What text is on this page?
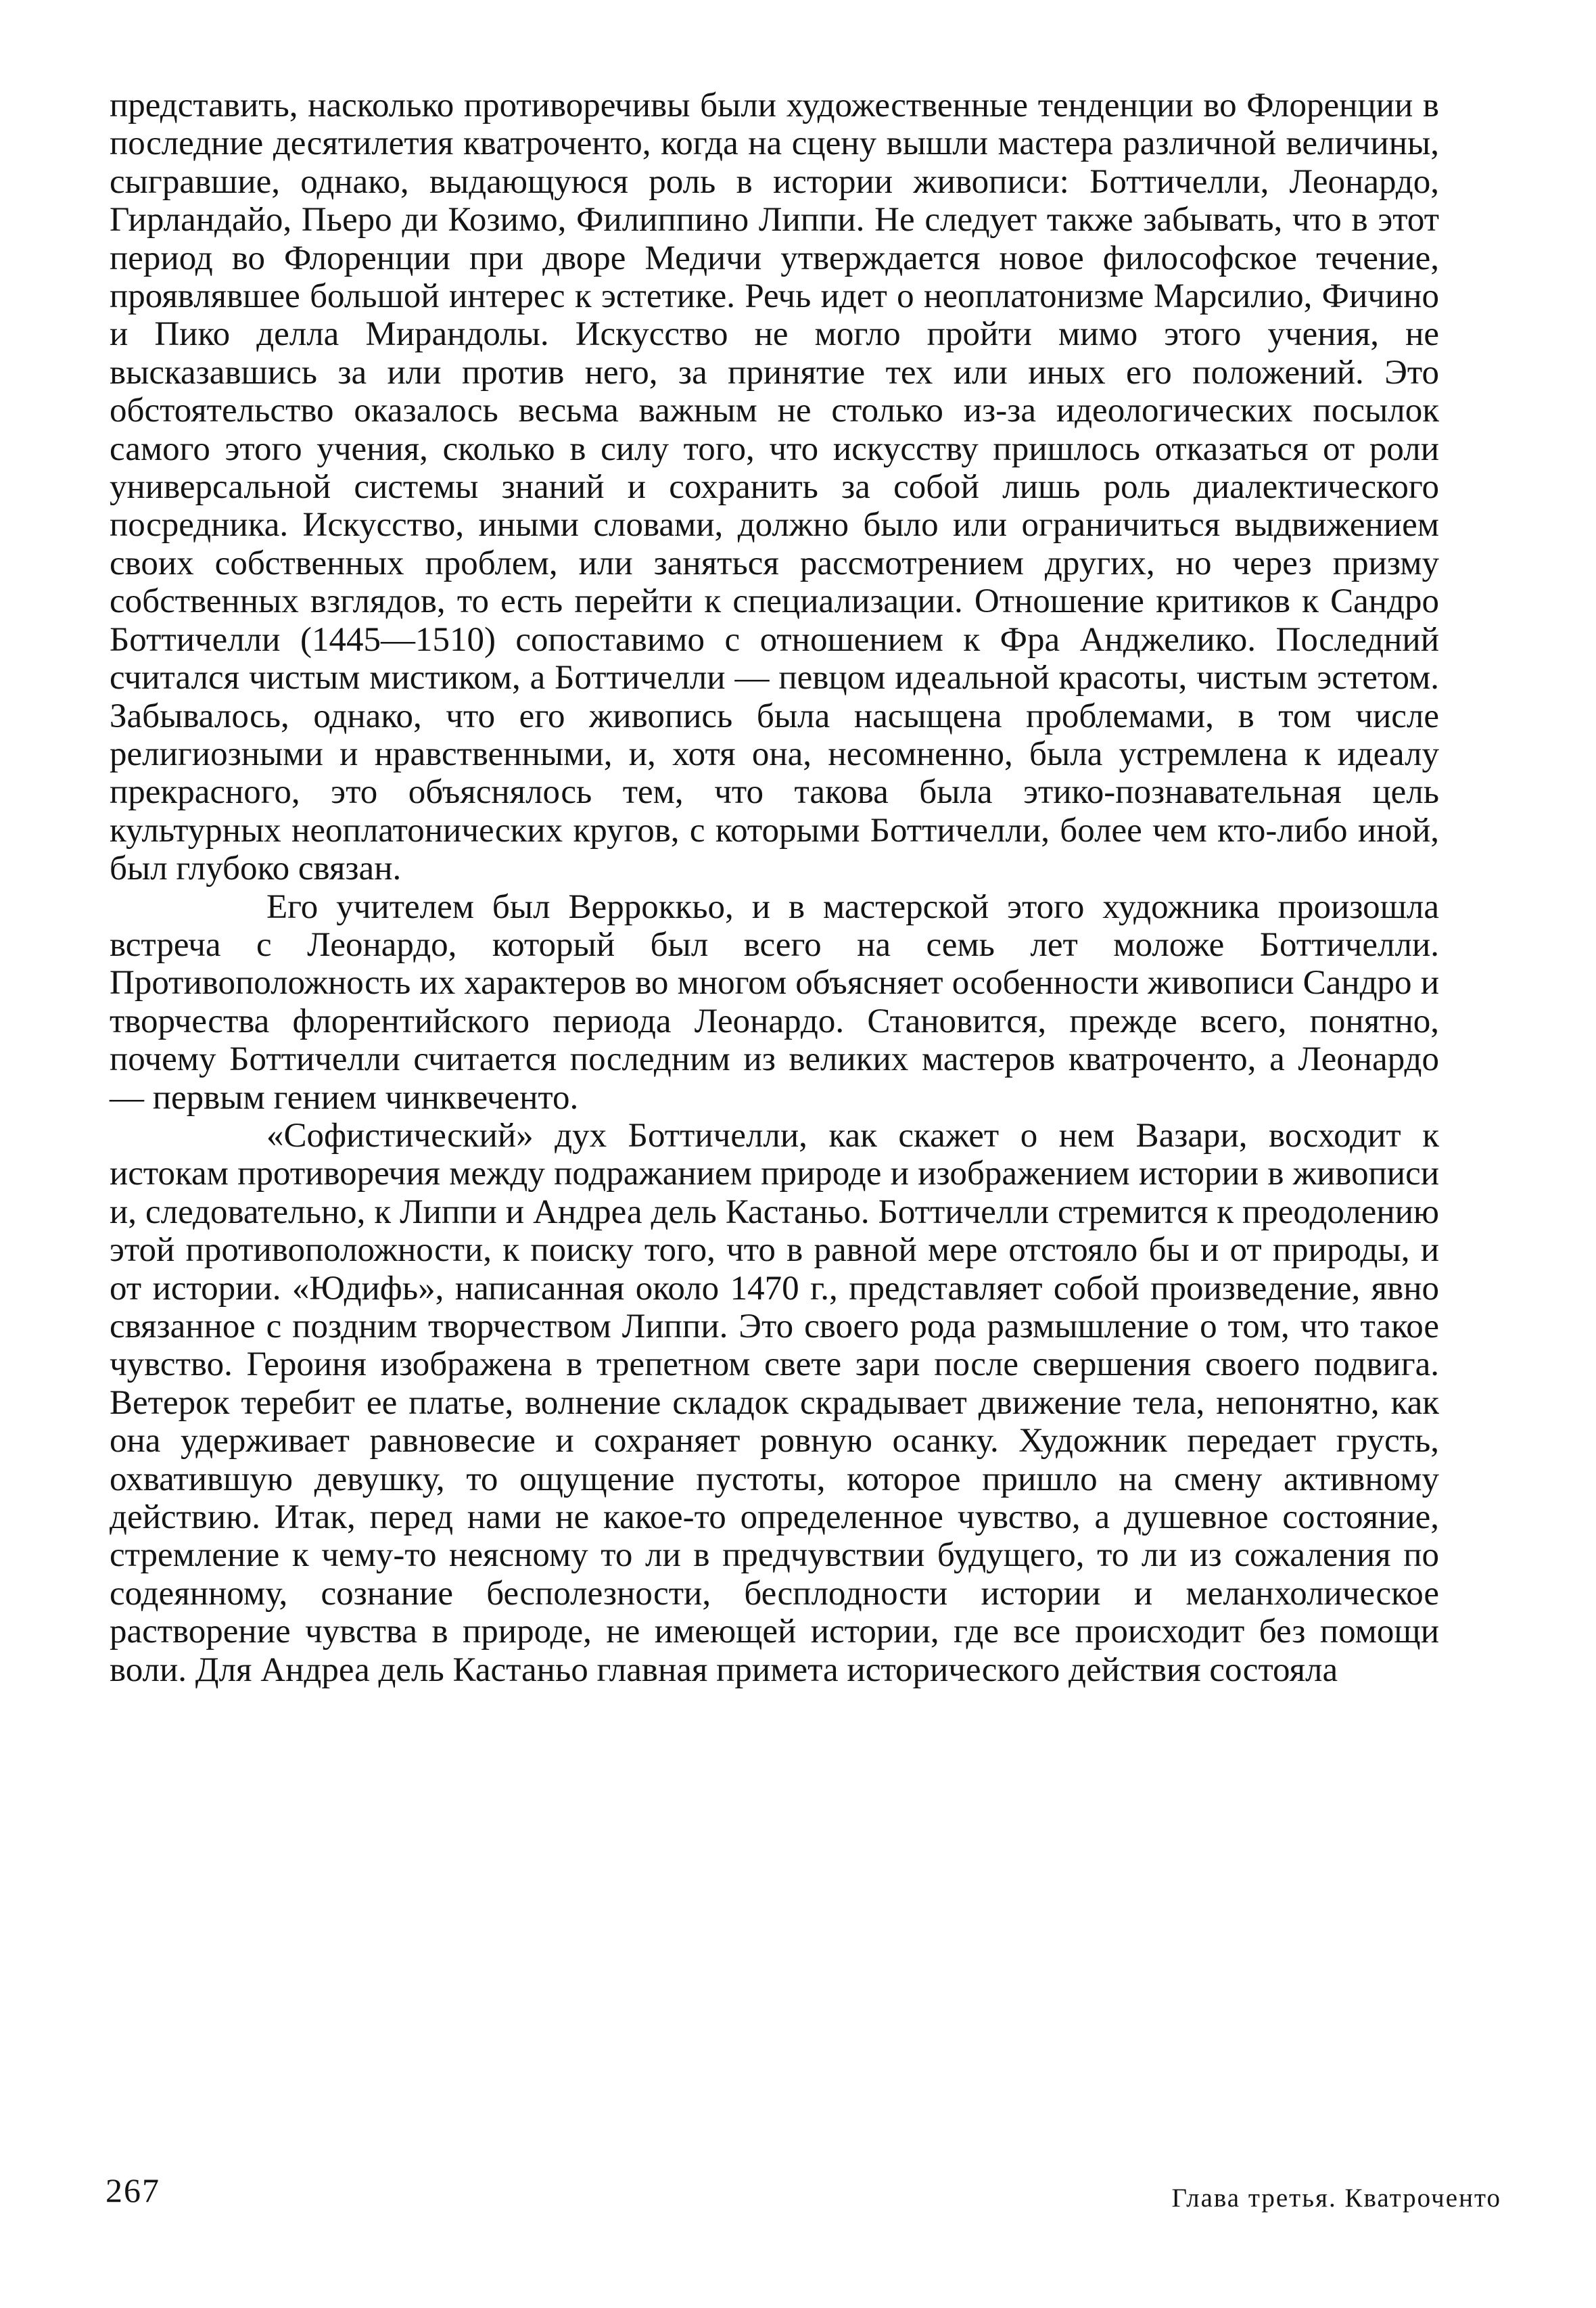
представить, насколько противоречивы были художественные тенденции во Флоренции в последние десятилетия кватроченто, когда на сцену вышли мастера различной величины, сыгравшие, однако, выдающуюся роль в истории живописи: Боттичелли, Леонардо, Гирландайо, Пьеро ди Козимо, Филиппино Липпи. Не следует также забывать, что в этот период во Флоренции при дворе Медичи утверждается новое философское течение, проявлявшее большой интерес к эстетике. Речь идет о неоплатонизме Марсилио, Фичино и Пико делла Мирандолы. Искусство не могло пройти мимо этого учения, не высказавшись за или против него, за принятие тех или иных его положений. Это обстоятельство оказалось весьма важным не столько из-за идеологических посылок самого этого учения, сколько в силу того, что искусству пришлось отказаться от роли универсальной системы знаний и сохранить за собой лишь роль диалектического посредника. Искусство, иными словами, должно было или ограничиться выдвижением своих собственных проблем, или заняться рассмотрением других, но через призму собственных взглядов, то есть перейти к специализации. Отношение критиков к Сандро Боттичелли (1445—1510) сопоставимо с отношением к Фра Анджелико. Последний считался чистым мистиком, а Боттичелли — певцом идеальной красоты, чистым эстетом. Забывалось, однако, что его живопись была насыщена проблемами, в том числе религиозными и нравственными, и, хотя она, несомненно, была устремлена к идеалу прекрасного, это объяснялось тем, что такова была этико-познавательная цель культурных неоплатонических кругов, с которыми Боттичелли, более чем кто-либо иной, был глубоко связан.

Его учителем был Верроккьо, и в мастерской этого художника произошла встреча с Леонардо, который был всего на семь лет моложе Боттичелли. Противоположность их характеров во многом объясняет особенности живописи Сандро и творчества флорентийского периода Леонардо. Становится, прежде всего, понятно, почему Боттичелли считается последним из великих мастеров кватроченто, а Леонардо — первым гением чинквеченто.

«Софистический» дух Боттичелли, как скажет о нем Вазари, восходит к истокам противоречия между подражанием природе и изображением истории в живописи и, следовательно, к Липпи и Андреа дель Кастаньо. Боттичелли стремится к преодолению этой противоположности, к поиску того, что в равной мере отстояло бы и от природы, и от истории. «Юдифь», написанная около 1470 г., представляет собой произведение, явно связанное с поздним творчеством Липпи. Это своего рода размышление о том, что такое чувство. Героиня изображена в трепетном свете зари после свершения своего подвига. Ветерок теребит ее платье, волнение складок скрадывает движение тела, непонятно, как она удерживает равновесие и сохраняет ровную осанку. Художник передает грусть, охватившую девушку, то ощущение пустоты, которое пришло на смену активному действию. Итак, перед нами не какое-то определенное чувство, а душевное состояние, стремление к чему-то неясному то ли в предчувствии будущего, то ли из сожаления по содеянному, сознание бесполезности, бесплодности истории и меланхолическое растворение чувства в природе, не имеющей истории, где все происходит без помощи воли. Для Андреа дель Кастаньо главная примета исторического действия состояла

267	Глава третья. Кватроченто
